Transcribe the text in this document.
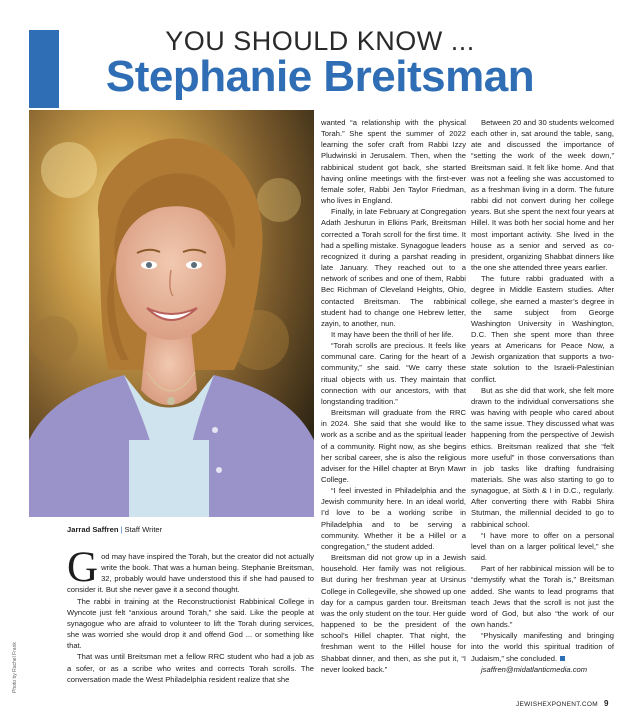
YOU SHOULD KNOW ...
Stephanie Breitsman
Photo by Rachel Frank
Jarrad Saffren | Staff Writer

God may have inspired the Torah, but the creator did not actually write the book. That was a human being. Stephanie Breitsman, 32, probably would have understood this if she had paused to consider it. But she never gave it a second thought.

The rabbi in training at the Reconstructionist Rabbinical College in Wyncote just felt “anxious around Torah,” she said. Like the people at synagogue who are afraid to volunteer to lift the Torah during services, she was worried she would drop it and offend God ... or something like that.

That was until Breitsman met a fellow RRC student who had a job as a sofer, or as a scribe who writes and corrects Torah scrolls. The conversation made the West Philadelphia resident realize that she

wanted “a relationship with the physical Torah.” She spent the summer of 2022 learning the sofer craft from Rabbi Izzy Pludwinski in Jerusalem. Then, when the rabbinical student got back, she started having online meetings with the first-ever female sofer, Rabbi Jen Taylor Friedman, who lives in England.

Finally, in late February at Congregation Adath Jeshurun in Elkins Park, Breitsman corrected a Torah scroll for the first time. It had a spelling mistake. Synagogue leaders recognized it during a parshat reading in late January. They reached out to a network of scribes and one of them, Rabbi Bec Richman of Cleveland Heights, Ohio, contacted Breitsman. The rabbinical student had to change one Hebrew letter, zayin, to another, nun.

It may have been the thrill of her life.

“Torah scrolls are precious. It feels like communal care. Caring for the heart of a community,” she said. “We carry these ritual objects with us. They maintain that connection with our ancestors, with that longstanding tradition.”

Breitsman will graduate from the RRC in 2024. She said that she would like to work as a scribe and as the spiritual leader of a community. Right now, as she begins her scribal career, she is also the religious adviser for the Hillel chapter at Bryn Mawr College.

“I feel invested in Philadelphia and the Jewish community here. In an ideal world, I’d love to be a working scribe in Philadelphia and to be serving a community. Whether it be a Hillel or a congregation,” the student added.

Breitsman did not grow up in a Jewish household. Her family was not religious. But during her freshman year at Ursinus College in Collegeville, she showed up one day for a campus garden tour. Breitsman was the only student on the tour. Her guide happened to be the president of the school’s Hillel chapter. That night, the freshman went to the Hillel house for Shabbat dinner, and then, as she put it, “I never looked back.”

Between 20 and 30 students welcomed each other in, sat around the table, sang, ate and discussed the importance of “setting the work of the week down,” Breitsman said. It felt like home. And that was not a feeling she was accustomed to as a freshman living in a dorm. The future rabbi did not convert during her college years. But she spent the next four years at Hillel. It was both her social home and her most important activity. She lived in the house as a senior and served as co-president, organizing Shabbat dinners like the one she attended three years earlier.

The future rabbi graduated with a degree in Middle Eastern studies. After college, she earned a master’s degree in the same subject from George Washington University in Washington, D.C. Then she spent more than three years at Americans for Peace Now, a Jewish organization that supports a two-state solution to the Israeli-Palestinian conflict.

But as she did that work, she felt more drawn to the individual conversations she was having with people who cared about the same issue. They discussed what was happening from the perspective of Jewish ethics. Breitsman realized that she “felt more useful” in those conversations than in job tasks like drafting fundraising materials. She was also starting to go to synagogue, at Sixth & I in D.C., regularly. After converting there with Rabbi Shira Stutman, the millennial decided to go to rabbinical school.

“I have more to offer on a personal level than on a larger political level,” she said.

Part of her rabbinical mission will be to “demystify what the Torah is,” Breitsman added. She wants to lead programs that teach Jews that the scroll is not just the word of God, but also “the work of our own hands.”

“Physically manifesting and bringing into the world this spiritual tradition of Judaism,” she concluded.

jsaffren@midatlanticmedia.com

JEWISHEXPONENT.COM 9
